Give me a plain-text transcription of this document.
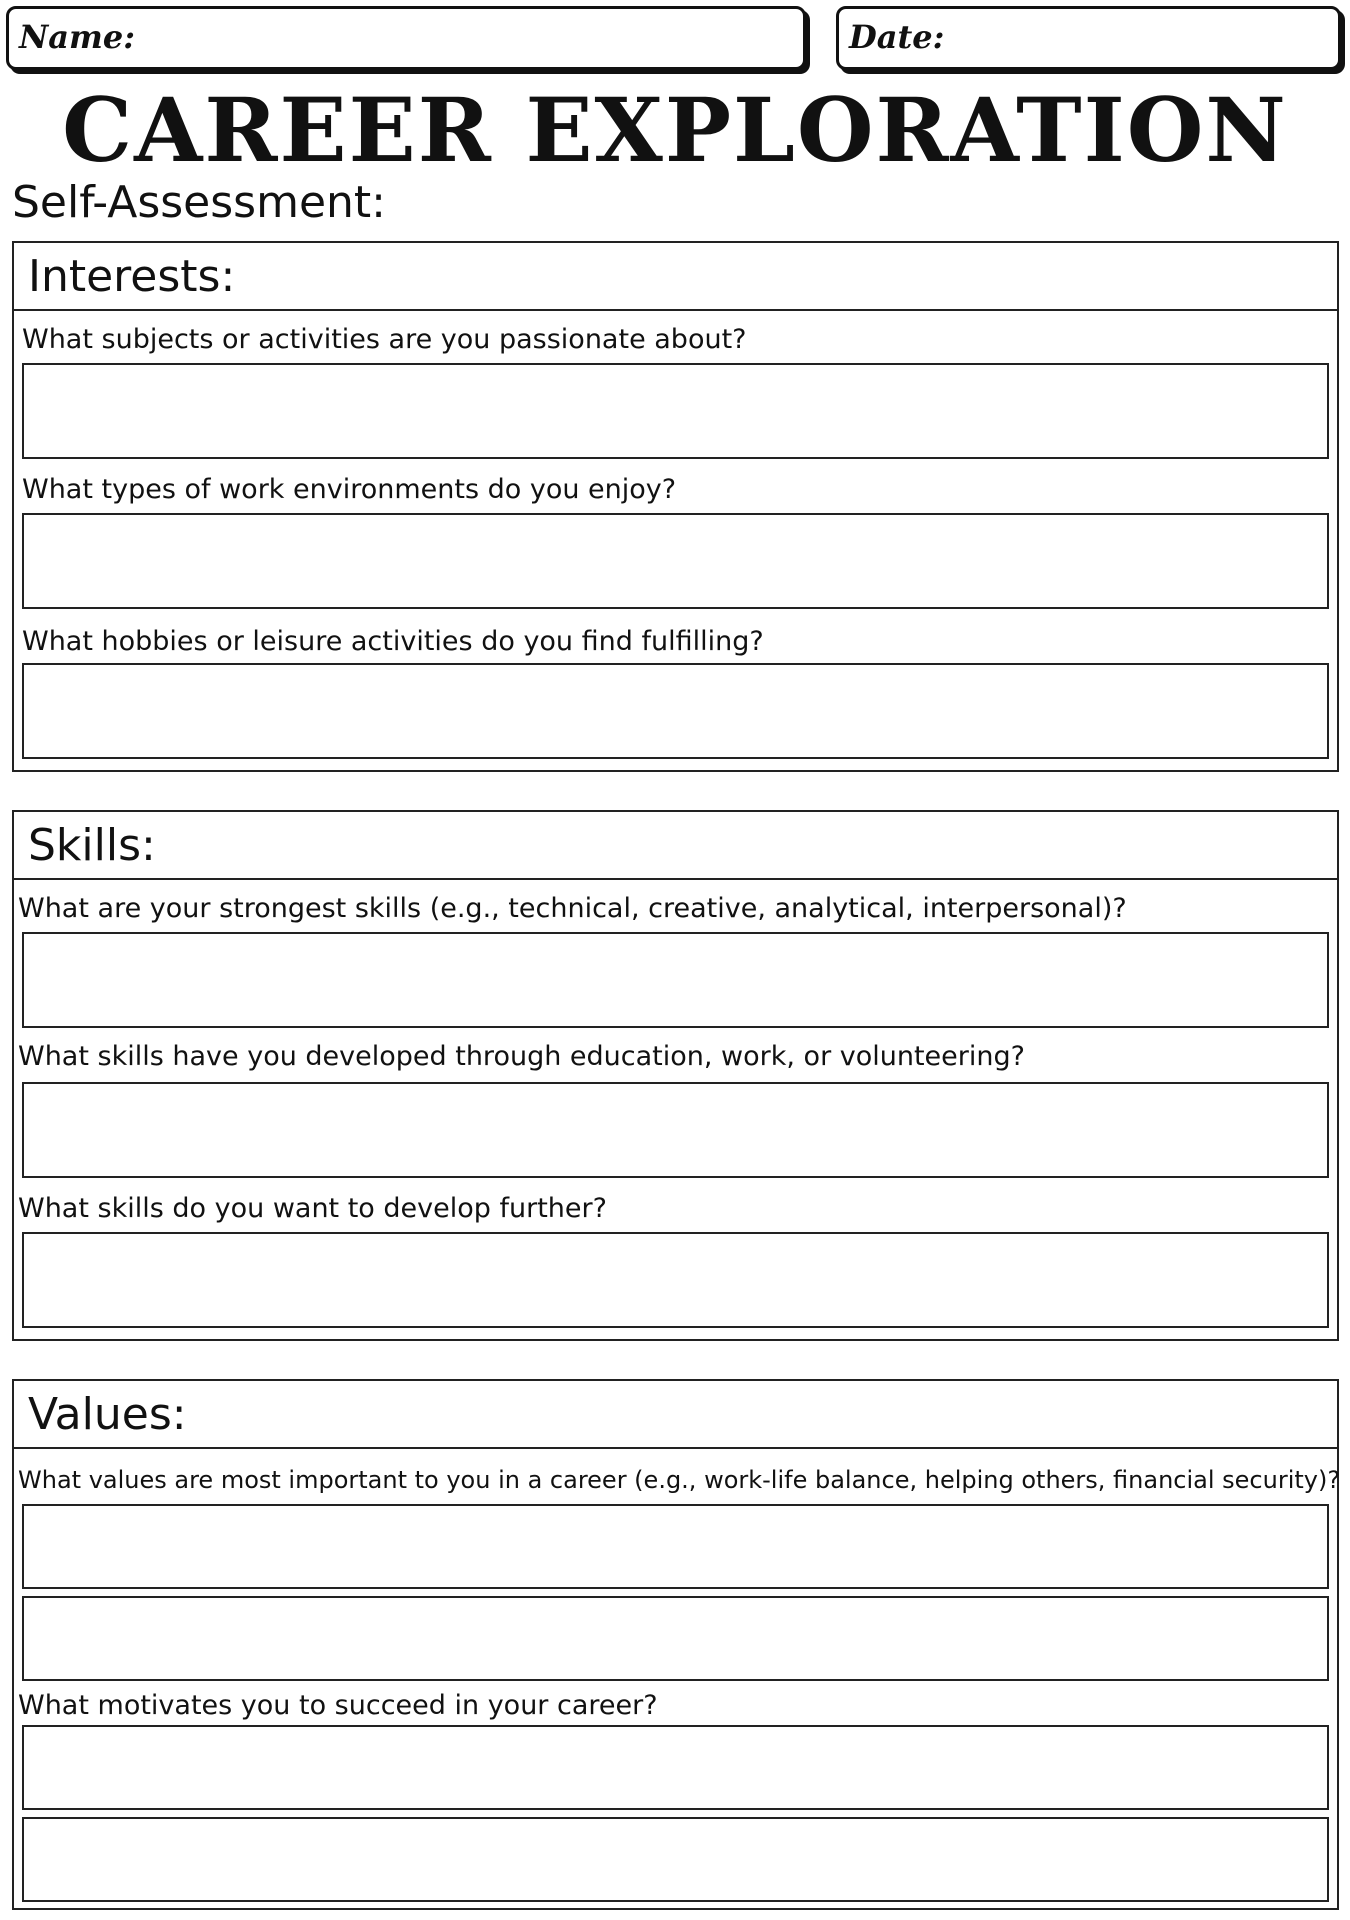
Name:	Date:
CAREER EXPLORATION
Self-Assessment:
Interests:
What subjects or activities are you passionate about?
What types of work environments do you enjoy?
What hobbies or leisure activities do you find fulfilling?
Skills:
What are your strongest skills (e.g., technical, creative, analytical, interpersonal)?
What skills have you developed through education, work, or volunteering?
What skills do you want to develop further?
Values:
What values are most important to you in a career (e.g., work-life balance, helping others, financial security)?
What motivates you to succeed in your career?
